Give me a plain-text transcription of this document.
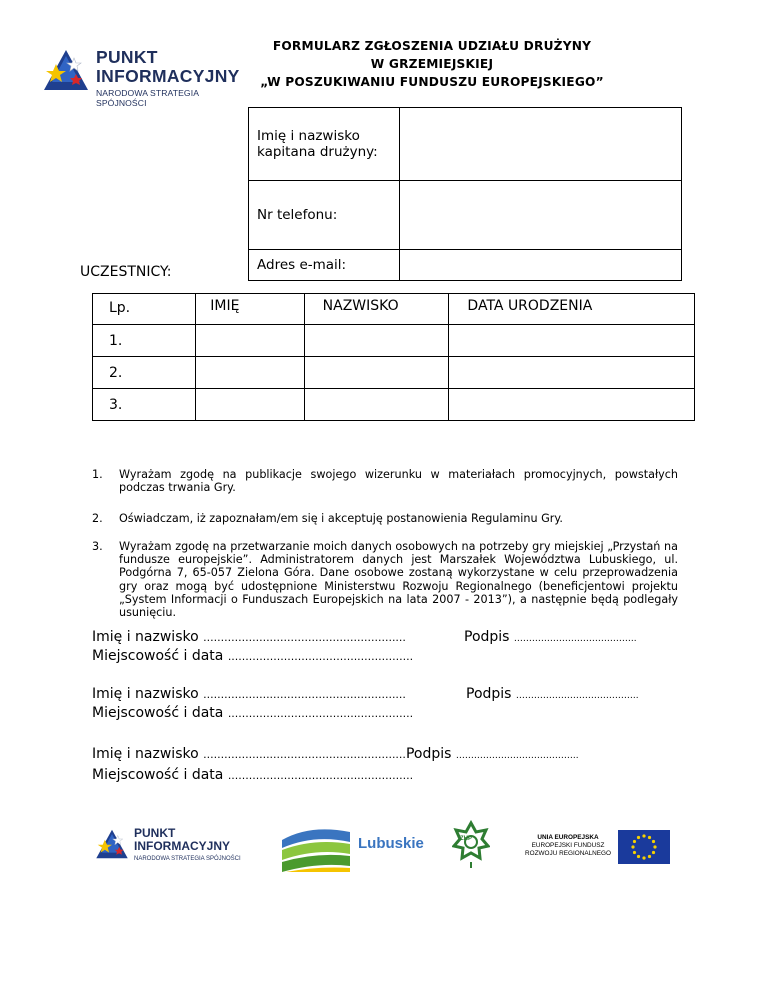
PUNKT
INFORMACYJNY
NARODOWA STRATEGIA SPÓJNOŚCI
FORMULARZ ZGŁOSZENIA UDZIAŁU DRUŻYNY
W GRZEMIEJSKIEJ
„W POSZUKIWANIU FUNDUSZU EUROPEJSKIEGO”
Imię i nazwisko
kapitana drużyny:	

Nr telefonu:	
Adres e-mail:	
UCZESTNICY:
Lp.	IMIĘ	NAZWISKO	DATA URODZENIA
1.			
2.			
3.			
1. Wyrażam zgodę na publikacje swojego wizerunku w materiałach promocyjnych, powstałych podczas trwania Gry.
2. Oświadczam, iż zapoznałam/em się i akceptuję postanowienia Regulaminu Gry.
3. Wyrażam zgodę na przetwarzanie moich danych osobowych na potrzeby gry miejskiej „Przystań na fundusze europejskie”. Administratorem danych jest Marszałek Województwa Lubuskiego, ul. Podgórna 7, 65-057 Zielona Góra. Dane osobowe zostaną wykorzystane w celu przeprowadzenia gry oraz mogą być udostępnione Ministerstwu Rozwoju Regionalnego (beneficjentowi projektu „System Informacji o Funduszach Europejskich na lata 2007 - 2013”), a następnie będą podlegały usunięciu.
Imię i nazwisko ..........................................................
Miejscowość i data .....................................................
Podpis …………………………………..
Imię i nazwisko ..........................................................
Miejscowość i data .....................................................
Podpis …………………………………..
Imię i nazwisko ..........................................................Podpis …………………………………..
Miejscowość i data .....................................................
PUNKT
INFORMACYJNY
NARODOWA STRATEGIA SPÓJNOŚCI
Lubuskie	ZHP	UNIA EUROPEJSKA
EUROPEJSKI FUNDUSZ
ROZWOJU REGIONALNEGO
